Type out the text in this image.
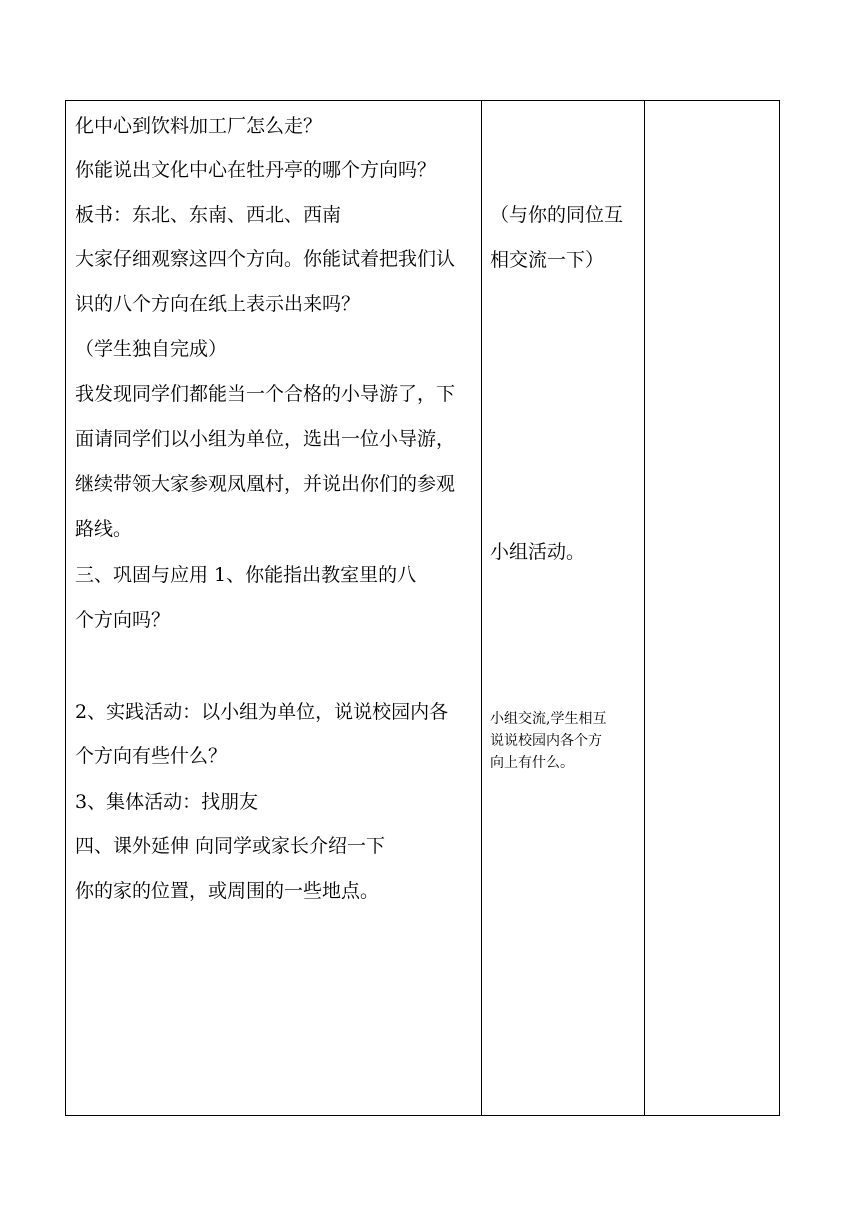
化中心到饮料加工厂怎么走？
你能说出文化中心在牡丹亭的哪个方向吗？
板书：东北、东南、西北、西南
大家仔细观察这四个方向。你能试着把我们认
识的八个方向在纸上表示出来吗？
（学生独自完成）
我发现同学们都能当一个合格的小导游了，下
面请同学们以小组为单位，选出一位小导游，
继续带领大家参观凤凰村，并说出你们的参观
路线。
三、巩固与应用 1、你能指出教室里的八
个方向吗？
2、实践活动：以小组为单位，说说校园内各
个方向有些什么？
3、集体活动：找朋友
四、课外延伸 向同学或家长介绍一下
你的家的位置，或周围的一些地点。
（与你的同位互
相交流一下）
小组活动。
小组交流,学生相互
说说校园内各个方
向上有什么。
